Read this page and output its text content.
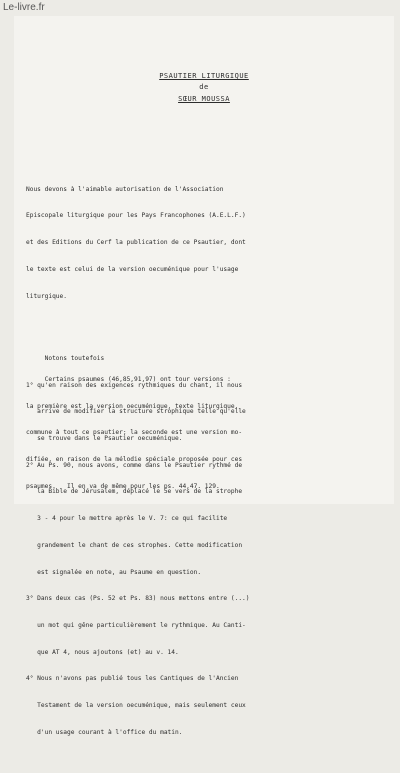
Le-livre.fr
PSAUTIER LITURGIQUE
de
SŒUR MOUSSA

Nous devons à l'aimable autorisation de l'Association

Episcopale liturgique pour les Pays Francophones (A.E.L.F.)

et des Editions du Cerf la publication de ce Psautier, dont

le texte est celui de la version oecuménique pour l'usage

liturgique.

Notons toutefois

1° qu'en raison des exigences rythmiques du chant, il nous

arrive de modifier la structure strophique telle qu'elle

se trouve dans le Psautier oecuménique.

2° Au Ps. 90, nous avons, comme dans le Psautier rythmé de

la Bible de Jérusalem, déplacé le 5e vers de la strophe

3 - 4 pour le mettre après le V. 7: ce qui facilite

grandement le chant de ces strophes. Cette modification

est signalée en note, au Psaume en question.

3° Dans deux cas (Ps. 52 et Ps. 83) nous mettons entre (...)

un mot qui gêne particulièrement le rythmique. Au Canti-

que AT 4, nous ajoutons (et) au v. 14.

4° Nous n'avons pas publié tous les Cantiques de l'Ancien

Testament de la version oecuménique, mais seulement ceux

d'un usage courant à l'office du matin.

Certains psaumes (46,85,91,97) ont tour versions :

la première est la version oecuménique, texte liturgique,

commune à tout ce psautier; la seconde est une version mo-

difiée, en raison de la mélodie spéciale proposée pour ces

psaumes.   Il en va de même pour les ps. 44,47. 129.
